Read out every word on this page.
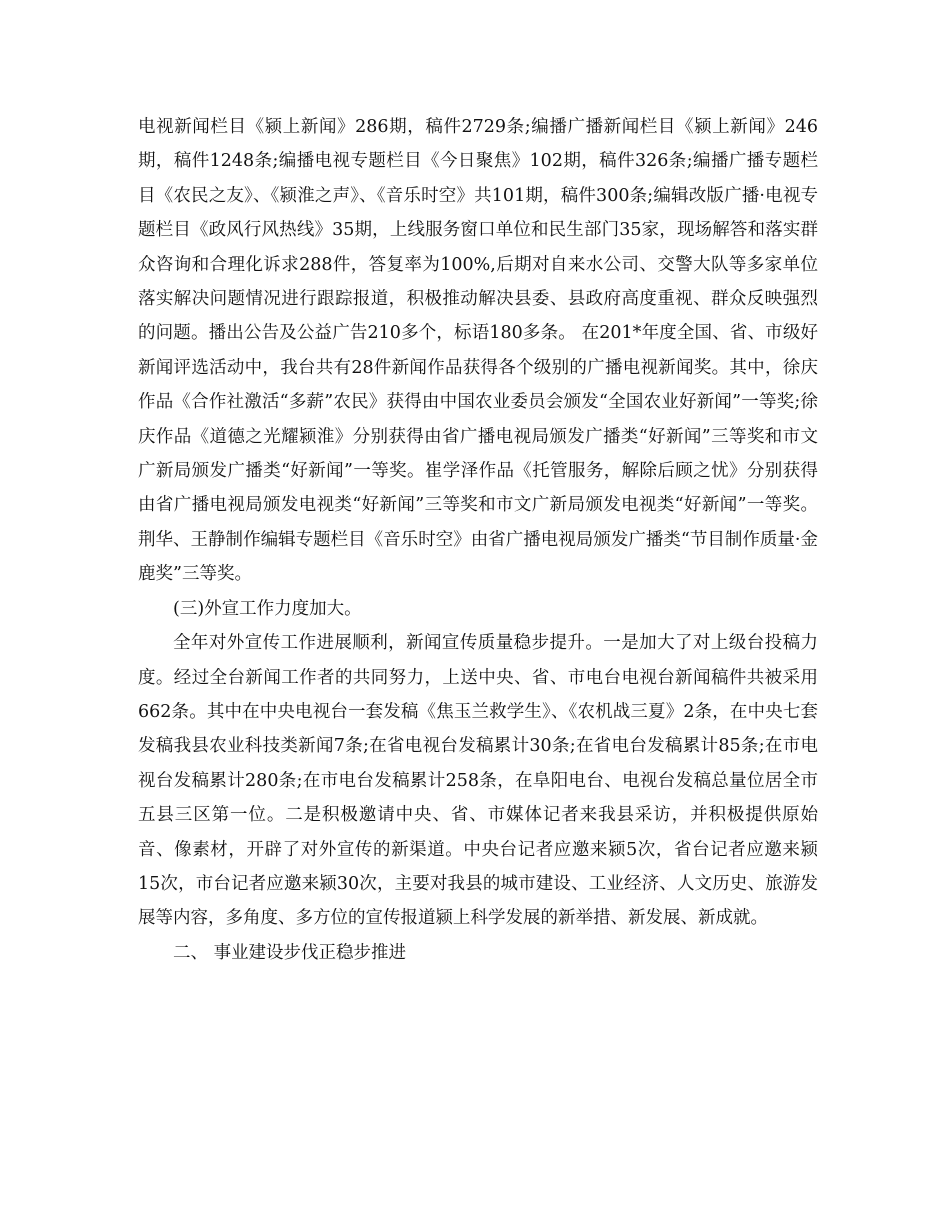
电视新闻栏目《颍上新闻》286期，稿件2729条;编播广播新闻栏目《颍上新闻》246期，稿件1248条;编播电视专题栏目《今日聚焦》102期，稿件326条;编播广播专题栏目《农民之友》、《颍淮之声》、《音乐时空》共101期，稿件300条;编辑改版广播·电视专题栏目《政风行风热线》35期，上线服务窗口单位和民生部门35家，现场解答和落实群众咨询和合理化诉求288件，答复率为100%,后期对自来水公司、交警大队等多家单位落实解决问题情况进行跟踪报道，积极推动解决县委、县政府高度重视、群众反映强烈的问题。播出公告及公益广告210多个，标语180多条。 在201*年度全国、省、市级好新闻评选活动中，我台共有28件新闻作品获得各个级别的广播电视新闻奖。其中，徐庆作品《合作社激活“多薪”农民》获得由中国农业委员会颁发“全国农业好新闻”一等奖;徐庆作品《道德之光耀颍淮》分别获得由省广播电视局颁发广播类“好新闻”三等奖和市文广新局颁发广播类“好新闻”一等奖。崔学泽作品《托管服务，解除后顾之忧》分别获得由省广播电视局颁发电视类“好新闻”三等奖和市文广新局颁发电视类“好新闻”一等奖。荆华、王静制作编辑专题栏目《音乐时空》由省广播电视局颁发广播类“节目制作质量·金鹿奖”三等奖。

(三)外宣工作力度加大。

全年对外宣传工作进展顺利，新闻宣传质量稳步提升。一是加大了对上级台投稿力度。经过全台新闻工作者的共同努力，上送中央、省、市电台电视台新闻稿件共被采用662条。其中在中央电视台一套发稿《焦玉兰救学生》、《农机战三夏》2条，在中央七套发稿我县农业科技类新闻7条;在省电视台发稿累计30条;在省电台发稿累计85条;在市电视台发稿累计280条;在市电台发稿累计258条，在阜阳电台、电视台发稿总量位居全市五县三区第一位。二是积极邀请中央、省、市媒体记者来我县采访，并积极提供原始音、像素材，开辟了对外宣传的新渠道。中央台记者应邀来颍5次，省台记者应邀来颍15次，市台记者应邀来颍30次，主要对我县的城市建设、工业经济、人文历史、旅游发展等内容，多角度、多方位的宣传报道颍上科学发展的新举措、新发展、新成就。

二、 事业建设步伐正稳步推进
